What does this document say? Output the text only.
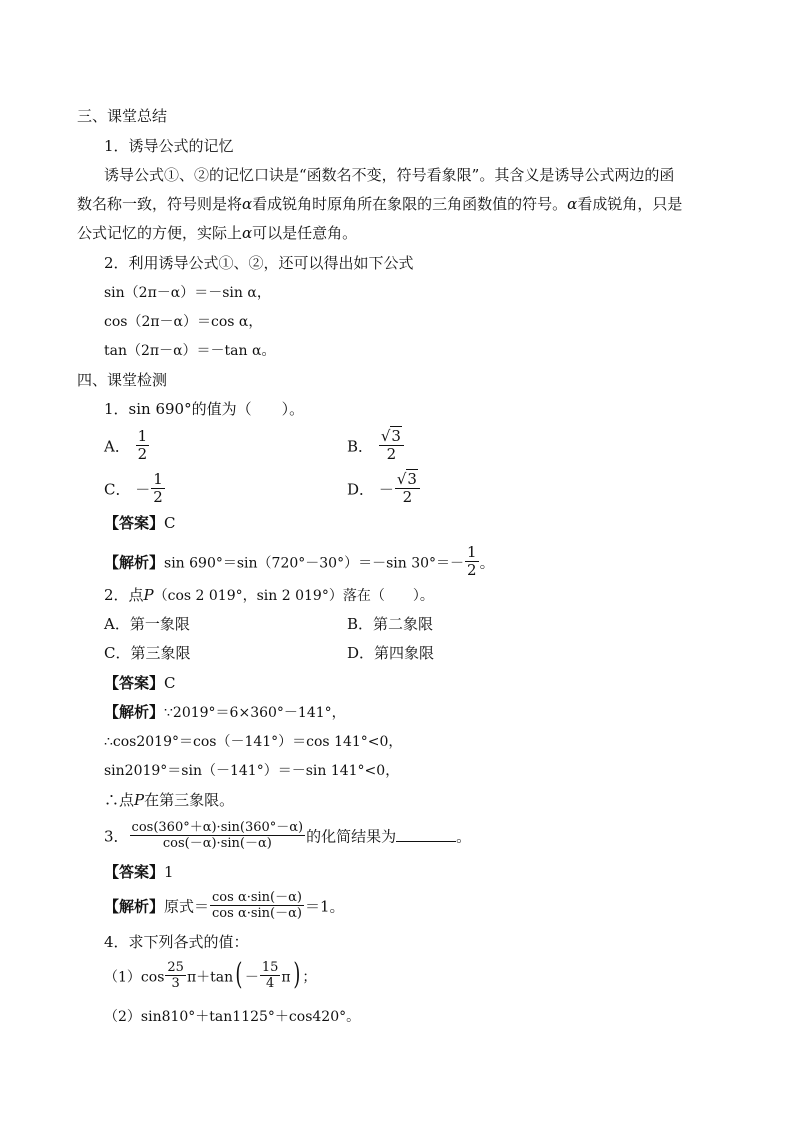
三、课堂总结
1．诱导公式的记忆
诱导公式①、②的记忆口诀是“函数名不变，符号看象限”。其含义是诱导公式两边的函
数名称一致，符号则是将α看成锐角时原角所在象限的三角函数值的符号。α看成锐角，只是
公式记忆的方便，实际上α可以是任意角。
2．利用诱导公式①、②，还可以得出如下公式
sin（2π－α）＝－sin α，
cos（2π－α）＝cos α，
tan（2π－α）＝－tan α。
四、课堂检测
1．sin 690°的值为（　　）。
A． $\frac{1}{2}$	B． $\frac{√3}{2}$
C． － $\frac{1}{2}$	D． － $\frac{√3}{2}$
【答案】C
【解析】sin 690°＝sin（720°－30°）＝－sin $30^\circ=- \frac{1}{2}$ 。
2．点P（cos 2 019°，sin 2 019°）落在（　　）。
A．第一象限	B．第二象限
C．第三象限	D．第四象限
【答案】C
【解析】∵2019°＝6×360°－141°，
∴cos2019°＝cos（－141°）＝cos 141°<0，
sin2019°＝sin（－141°）＝－sin 141°<0，
∴点P在第三象限。
3． $\frac{\cos(360^\circ+\alpha)\cdot\sin(360^\circ-\alpha)}{\cos(-\alpha)\cdot\sin(-\alpha)}$ 的化简结果为	。
【答案】1
【解析】原式＝ $\frac{\text{cos α·sin(－α)}}{\text{cos α·sin(－α)}} =1$。
4．求下列各式的值：
$(1)\cos \frac{25}{3} \pi+\tan( - \frac{15}{4} \pi)$ ；
（2）sin810°＋tan1125°＋cos420°。
